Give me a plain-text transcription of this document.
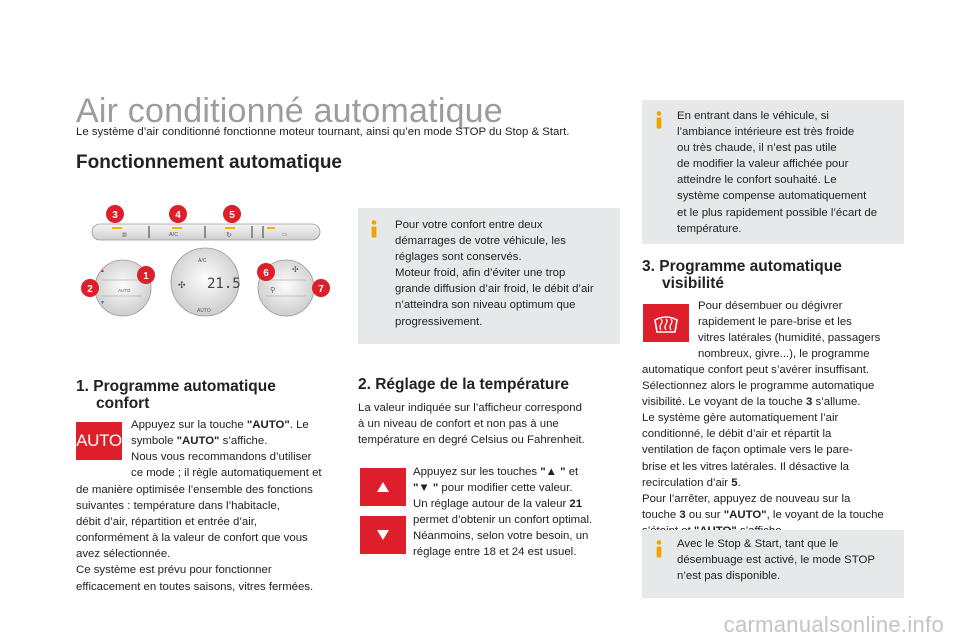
Air conditionné automatique
Le système d’air conditionné fonctionne moteur tournant, ainsi qu’en mode STOP du Stop & Start.
Fonctionnement automatique
▥	A/C	↻	▭
▲
▼
AUTO
A/C
21.5
✣
AUTO
✣
⚲
3	4	5
1
2
6
7
Pour votre confort entre deux
démarrages de votre véhicule, les
réglages sont conservés.
Moteur froid, afin d’éviter une trop
grande diffusion d’air froid, le débit d’air
n’atteindra son niveau optimum que
progressivement.
En entrant dans le véhicule, si
l’ambiance intérieure est très froide
ou très chaude, il n’est pas utile
de modifier la valeur affichée pour
atteindre le confort souhaité. Le
système compense automatiquement
et le plus rapidement possible l’écart de
température.
1. Programme automatique
confort
AUTO
Appuyez sur la touche "AUTO". Le
symbole "AUTO" s’affiche.
Nous vous recommandons d’utiliser
ce mode ; il règle automatiquement et
de manière optimisée l’ensemble des fonctions
suivantes : température dans l’habitacle,
débit d’air, répartition et entrée d’air,
conformément à la valeur de confort que vous
avez sélectionnée.
Ce système est prévu pour fonctionner
efficacement en toutes saisons, vitres fermées.
2. Réglage de la température
La valeur indiquée sur l’afficheur correspond
à un niveau de confort et non pas à une
température en degré Celsius ou Fahrenheit.
Appuyez sur les touches "▲ " et
"▼ " pour modifier cette valeur.
Un réglage autour de la valeur 21
permet d’obtenir un confort optimal.
Néanmoins, selon votre besoin, un
réglage entre 18 et 24 est usuel.
3. Programme automatique
visibilité
Pour désembuer ou dégivrer
rapidement le pare-brise et les
vitres latérales (humidité, passagers
nombreux, givre...), le programme
automatique confort peut s’avérer insuffisant.
Sélectionnez alors le programme automatique
visibilité. Le voyant de la touche 3 s’allume.
Le système gère automatiquement l’air
conditionné, le débit d’air et répartit la
ventilation de façon optimale vers le pare-
brise et les vitres latérales. Il désactive la
recirculation d’air 5.
Pour l’arrêter, appuyez de nouveau sur la
touche 3 ou sur "AUTO", le voyant de la touche
Avec le Stop & Start, tant que le
désembuage est activé, le mode STOP
n’est pas disponible.
carmanualsonline.info
